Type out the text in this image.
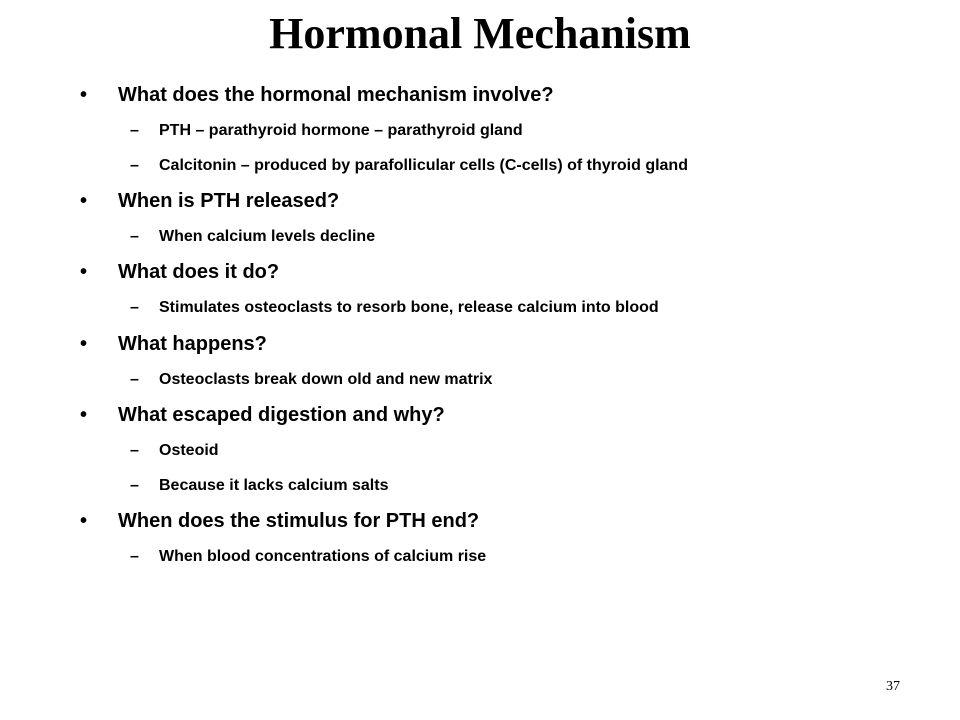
Hormonal Mechanism
• What does the hormonal mechanism involve?
– PTH – parathyroid hormone – parathyroid gland
– Calcitonin – produced by parafollicular cells (C-cells) of thyroid gland
• When is PTH released?
– When calcium levels decline
• What does it do?
– Stimulates osteoclasts to resorb bone, release calcium into blood
• What happens?
– Osteoclasts break down old and new matrix
• What escaped digestion and why?
– Osteoid
– Because it lacks calcium salts
• When does the stimulus for PTH end?
– When blood concentrations of calcium rise
37
